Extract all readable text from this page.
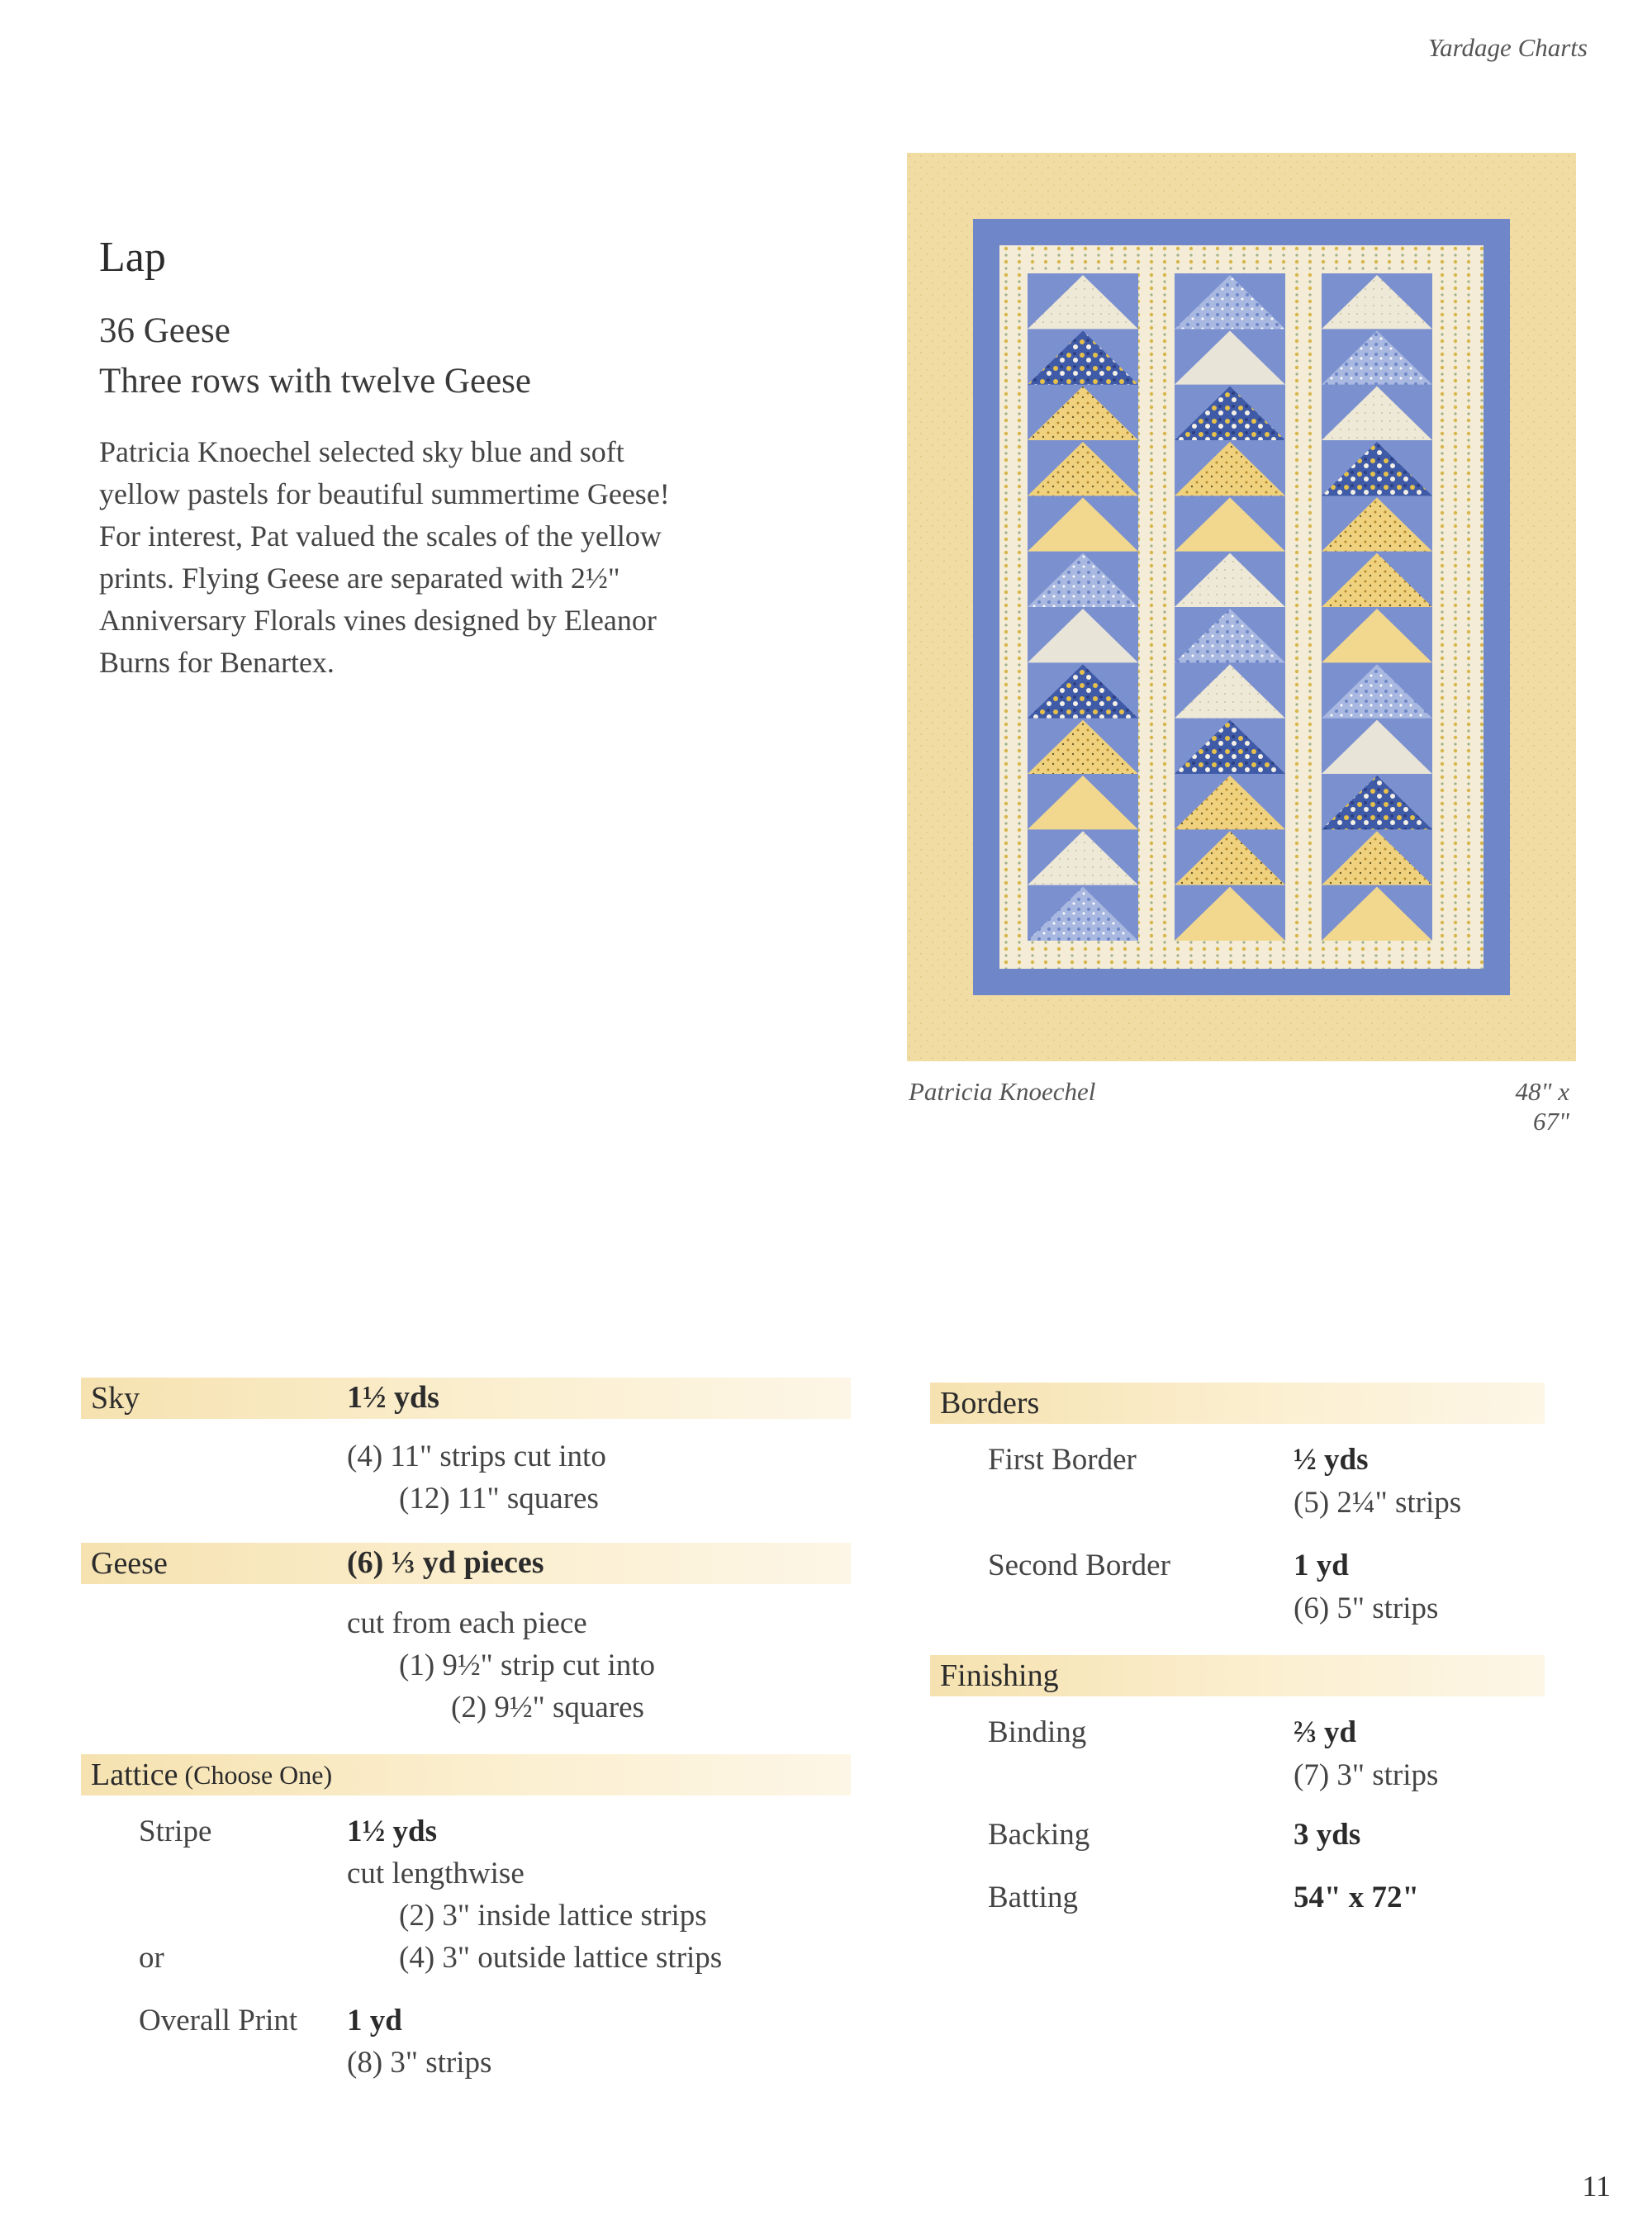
Yardage Charts
Lap
36 Geese
Three rows with twelve Geese
Patricia Knoechel selected sky blue and soft
yellow pastels for beautiful summertime Geese!
For interest, Pat valued the scales of the yellow
prints. Flying Geese are separated with 2½"
Anniversary Florals vines designed by Eleanor
Burns for Benartex.
Patricia Knoechel	48" x 67"
Sky	1½ yds
(4) 11" strips cut into
(12) 11" squares
Geese	(6) ⅓ yd pieces
cut from each piece
(1) 9½" strip cut into
(2) 9½" squares
Lattice (Choose One)
Stripe	1½ yds
cut lengthwise
(2) 3" inside lattice strips
or	(4) 3" outside lattice strips
Overall Print 1 yd
(8) 3" strips
Borders
First Border	½ yds
(5) 2¼" strips
Second Border	1 yd
(6) 5" strips
Finishing
Binding	⅔ yd
(7) 3" strips
Backing	3 yds
Batting	54" x 72"
11
